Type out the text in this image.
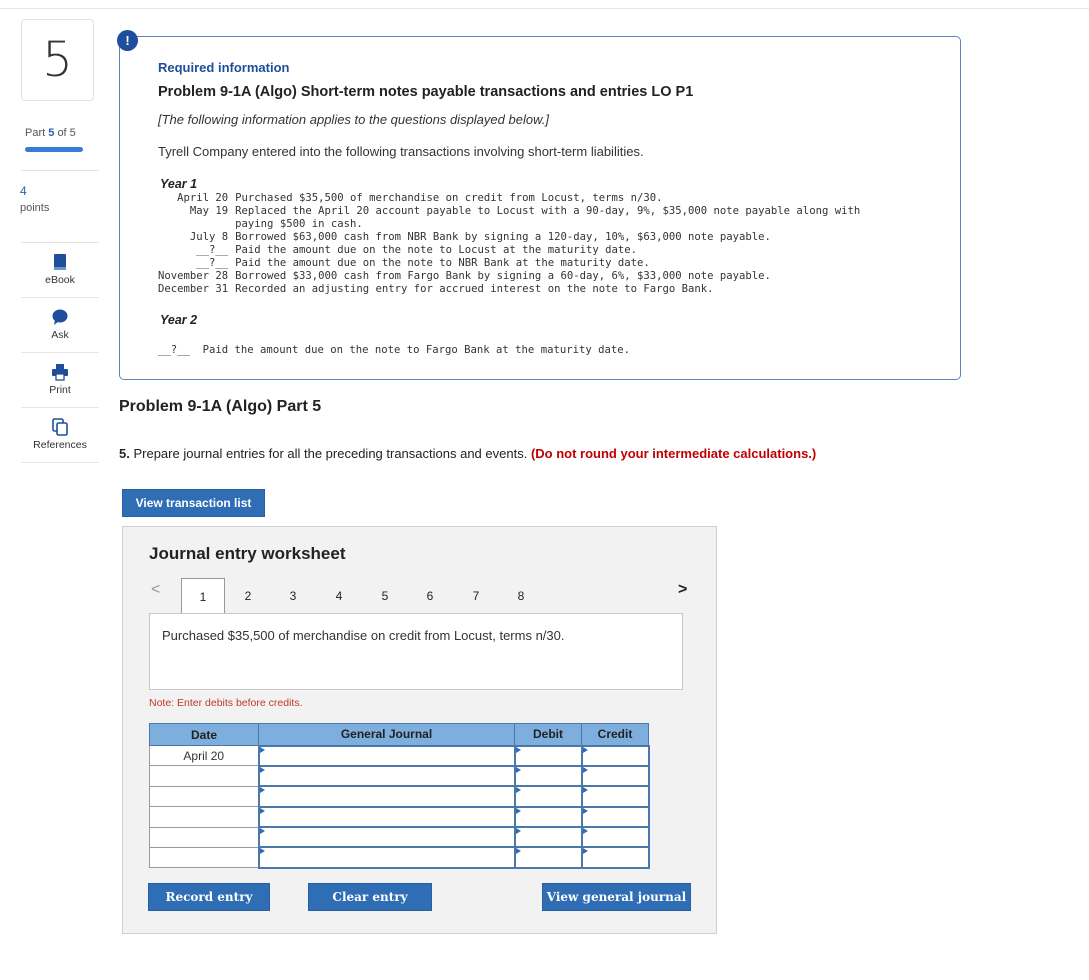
5
Part 5 of 5
4
points
eBook
Ask
Print
References
Required information
Problem 9-1A (Algo) Short-term notes payable transactions and entries LO P1
[The following information applies to the questions displayed below.]
Tyrell Company entered into the following transactions involving short-term liabilities.
Year 1
April 20	Purchased $35,500 of merchandise on credit from Locust, terms n/30.
May 19	Replaced the April 20 account payable to Locust with a 90-day, 9%, $35,000 note payable along with paying $500 in cash.
July 8	Borrowed $63,000 cash from NBR Bank by signing a 120-day, 10%, $63,000 note payable.
__?__	Paid the amount due on the note to Locust at the maturity date.
__?__	Paid the amount due on the note to NBR Bank at the maturity date.
November 28	Borrowed $33,000 cash from Fargo Bank by signing a 60-day, 6%, $33,000 note payable.
December 31	Recorded an adjusting entry for accrued interest on the note to Fargo Bank.
Year 2
__?__ Paid the amount due on the note to Fargo Bank at the maturity date.
!
Problem 9-1A (Algo) Part 5
5. Prepare journal entries for all the preceding transactions and events. (Do not round your intermediate calculations.)
View transaction list
Journal entry worksheet
<	1	2	3	4	5	6	7	8	>
Purchased $35,500 of merchandise on credit from Locust, terms n/30.
Note: Enter debits before credits.
Date	General Journal	Debit	Credit
April 20			

Record entry	Clear entry	View general journal
